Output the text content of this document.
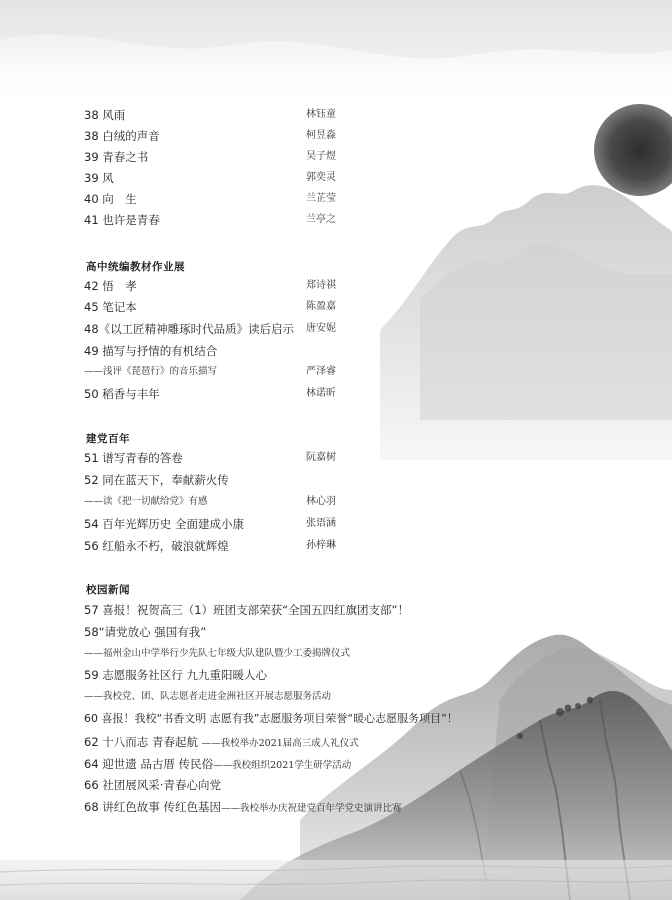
38 风雨	林钰童
38 白绒的声音	柯昱淼
39 青春之书	吴子煜
39 风	郭奕灵
40 向　生	兰芷莹
41 也许是青春	兰亭之
高中统编教材作业展
42 悟　孝	郑诗祺
45 笔记本	陈盈嘉
48《以工匠精神雕琢时代品质》读后启示 唐安妮
49 描写与抒情的有机结合
——浅评《琵琶行》的音乐描写	严泽睿
50 稻香与丰年	林诺昕
建党百年
51 谱写青春的答卷	阮嘉树
52 同在蓝天下，奉献薪火传
——读《把一切献给党》有感	林心羽
54 百年光辉历史 全面建成小康	张语涵
56 红船永不朽，破浪就辉煌	孙梓琳
校园新闻
57 喜报！祝贺高三（1）班团支部荣获“全国五四红旗团支部”！
58“请党放心 强国有我”
——福州金山中学举行少先队七年级大队建队暨少工委揭牌仪式
59 志愿服务社区行 九九重阳暖人心
——我校党、团、队志愿者走进金洲社区开展志愿服务活动
60 喜报！我校“书香文明 志愿有我”志愿服务项目荣誉“暖心志愿服务项目”！
62 十八而志 青春起航 ——我校举办2021届高三成人礼仪式
64 迎世遗 品古厝 传民俗——我校组织2021学生研学活动
66 社团展风采·青春心向党
68 讲红色故事 传红色基因——我校举办庆祝建党百年学党史演讲比赛
